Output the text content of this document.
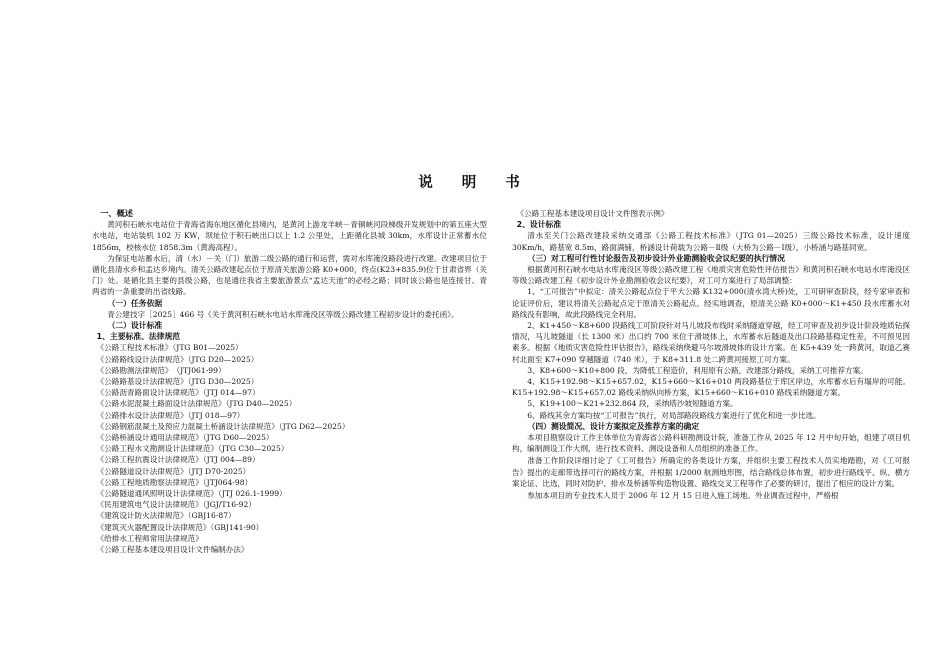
说 明 书

一、概述

黄河积石峡水电站位于青海省海东地区循化县境内，是黄河上游龙羊峡－青铜峡河段梯级开发规划中的第五座大型水电站，电站装机 102 万 KW，坝址位于积石峡出口以上 1.2 公里处，上距循化县城 30km，水库设计正常蓄水位 1856m，校核水位 1858.3m（黄海高程）。

为保证电站蓄水后，清（水）－关（门）旅游二级公路的通行和运营，需对水库淹没路段进行改建。改建项目位于循化县清水乡和孟达乡境内。清关公路改建起点位于原清关旅游公路 K0+000，终点(K23+835.9)位于甘肃省界（关门）处。是循化县主要的县级公路，也是通往我省主要旅游景点“孟达天池”的必经之路；同时该公路也是连接甘、青两省的一条重要的出省线路。

（一）任务依据

青公建技字［2025］466 号《关于黄河积石峡水电站水库淹没区等级公路改建工程初步设计的委托函》。

（二）设计标准

1、主要标准、法律规范

《公路工程技术标准》（JTG B01—2025）

《公路路线设计法律规范》（JTG D20—2025）

《公路勘测法律规范》　（JTJ061-99）

《公路路基设计法律规范》（JTG D30—2025）

《公路沥青路面设计法律规范》（JTJ 014—97）

《公路水泥混凝土路面设计法律规范》（JTG D40—2025）

《公路排水设计法律规范》（JTJ 018—97）

《公路钢筋混凝土及预应力混凝土桥涵设计法律规范》（JTG D62—2025）

《公路桥涵设计通用法律规范》（JTG D60—2025）

《公路工程水文勘测设计法律规范》（JTG C30—2025）

《公路工程抗震设计法律规范》（JTJ 004—89）

《公路隧道设计法律规范》（JTJ D70-2025）

《公路工程地质勘察法律规范》（JTJ064-98）

《公路隧道通风照明设计法律规范》（JTJ 026.1-1999）

《民用建筑电气设计法律规范》（JGJ/T16-92）

《建筑设计防火法律规范》（GBJ16-87）

《建筑灭火器配置设计法律规范》（GBJ141-90）

《给排水工程师常用法律规范》

《公路工程基本建设项目设计文件编制办法》

《公路工程基本建设项目设计文件图表示例》

2、设计标准

清水至关门公路改建段采纳交通部《公路工程技术标准》（JTG 01—2025）三级公路技术标准，设计速度 30Km/h，路基宽 8.5m，路面满铺，桥涵设计荷载为公路－Ⅱ级（大桥为公路－Ⅰ级），小桥涵与路基同宽。

（三）对工程可行性讨论报告及初步设计外业勘测验收会议纪要的执行情况

根据黄河积石峡水电站水库淹没区等级公路改建工程《地质灾害危险性评估报告》和黄河积石峡水电站水库淹没区等级公路改建工程《初步设计外业勘测验收会议纪要》，对工可方案进行了局部调整：

1、“工可报告”中拟定：清关公路起点位于平大公路 K132+000(清水湾大桥)处，工可研审查阶段，经专家审查和论证评价后，建议将清关公路起点定于原清关公路起点。经实地调查，原清关公路 K0+000～K1+450 段水库蓄水对路线没有影响，故此段路线完全利用。

2、K1+450～K8+600 段路线工可阶段针对马儿坡段布线时采纳隧道穿越，经工可审查及初步设计阶段地质钻探情况，马儿坡隧道（长 1300 米）出口约 700 米位于滑坡体上，水库蓄水后隧道及出口段路基稳定性差，不可预见因素多。根据《地质灾害危险性评估报告》，路线采纳绕避马尔坡滑坡体的设计方案。在 K5+439 处一跨黄河，取道乙赛村北面至 K7+090 穿越隧道（740 米），于 K8+311.8 处二跨黄河接原工可方案。

3、K8+600～K10+800 段，为降低工程造价，利用原有公路，改建部分路线，采纳工可推荐方案。

4、K15+192.98～K15+657.02，K15+660～K16+010 两段路基位于库区岸边，水库蓄水后有塌岸的可能。K15+192.98～K15+657.02 路线采纳纵向桥方案，K15+660～K16+010 路线采纳隧道方案。

5、K19+100～K21+232.864 段，采纳塔沙坡短隧道方案。

6、路线其余方案均按“工可报告”执行，对局部路段路线方案进行了优化和进一步比选。

（四）测设简况、设计方案拟定及推荐方案的确定

本项目勘察设计工作主体单位为青海省公路科研勘测设计院，准备工作从 2025 年 12 月中旬开始，组建了项目机构，编制测设工作大纲，进行技术资料、测设设备和人员组织的准备工作。

准备工作阶段详细讨论了《工可报告》所确定的各类设计方案，并组织主要工程技术人员实地踏勘，对《工可报告》提出的走廊带选择可行的路线方案，并根据 1/2000 航测地形图，结合路线总体布置，初步进行路线平、纵、横方案论证、比选，同时对防护、排水及桥涵等构造物设置、路线交叉工程等作了必要的研讨，提出了相应的设计方案。

参加本项目的专业技术人员于 2006 年 12 月 15 日进入施工场地。外业调查过程中，严格根
